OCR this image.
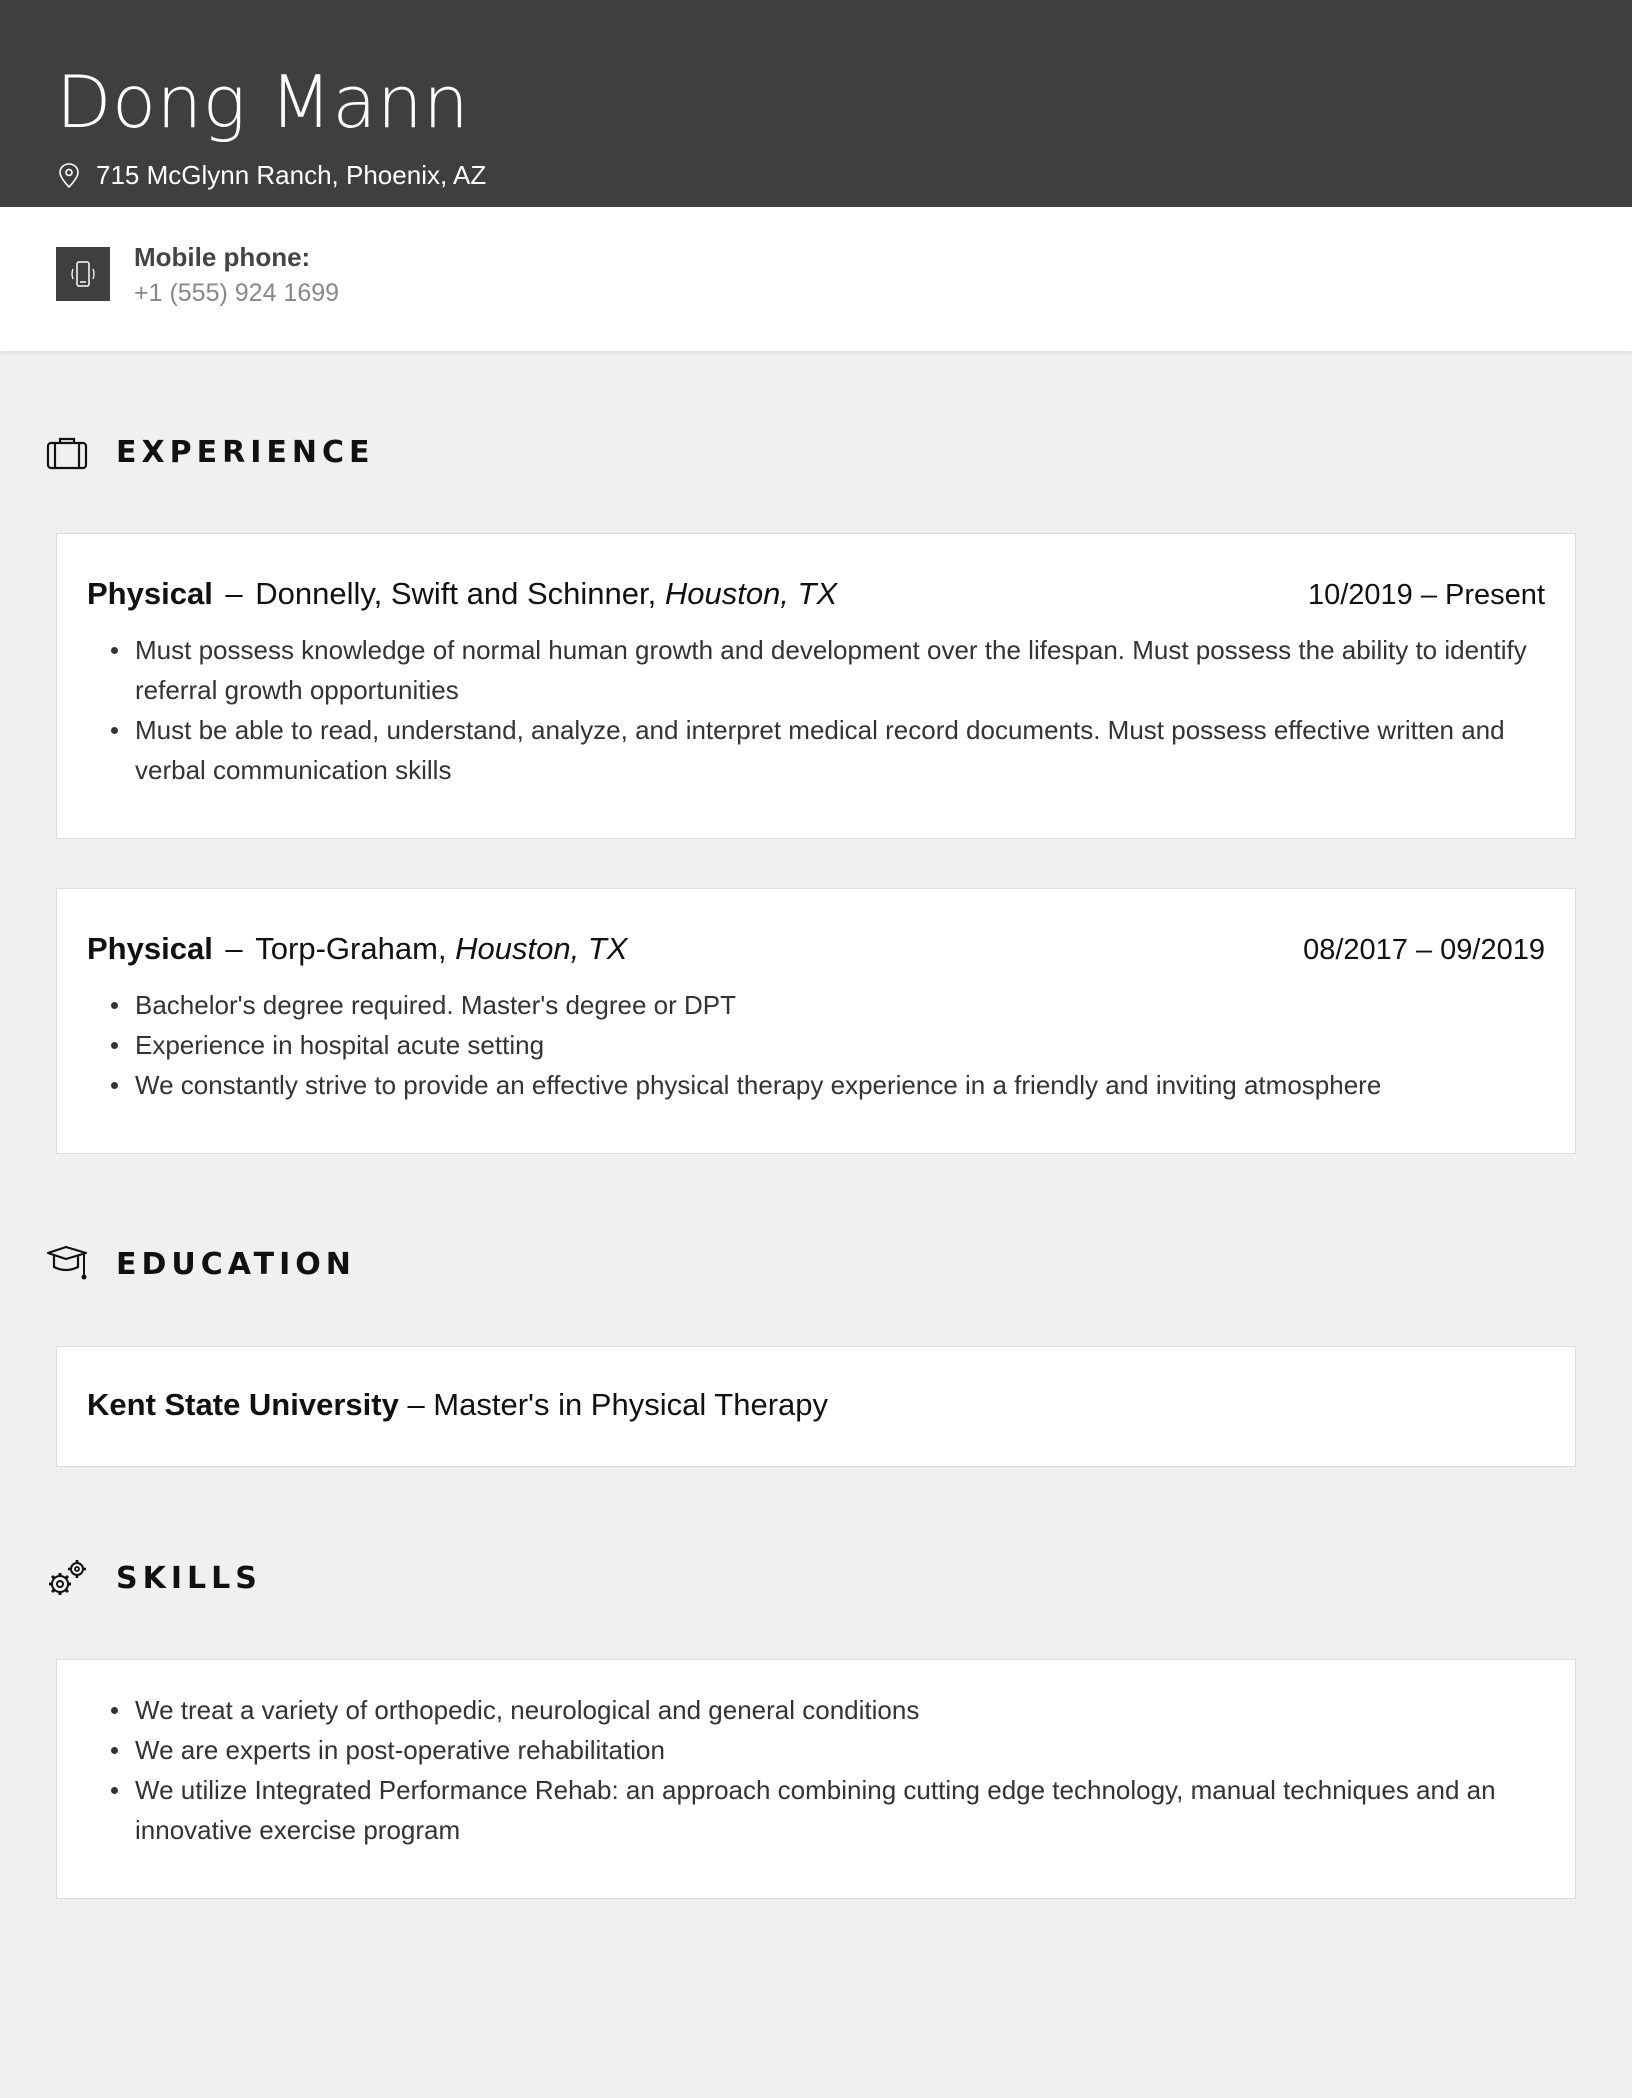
Dong Mann
715 McGlynn Ranch, Phoenix, AZ
Mobile phone:
+1 (555) 924 1699
EXPERIENCE
Physical – Donnelly, Swift and Schinner, Houston, TX	10/2019 – Present
Must possess knowledge of normal human growth and development over the lifespan. Must possess the ability to identify referral growth opportunities
Must be able to read, understand, analyze, and interpret medical record documents. Must possess effective written and verbal communication skills
Physical – Torp-Graham, Houston, TX	08/2017 – 09/2019
Bachelor's degree required. Master's degree or DPT
Experience in hospital acute setting
We constantly strive to provide an effective physical therapy experience in a friendly and inviting atmosphere
EDUCATION
Kent State University – Master's in Physical Therapy
SKILLS
We treat a variety of orthopedic, neurological and general conditions
We are experts in post-operative rehabilitation
We utilize Integrated Performance Rehab: an approach combining cutting edge technology, manual techniques and an innovative exercise program
